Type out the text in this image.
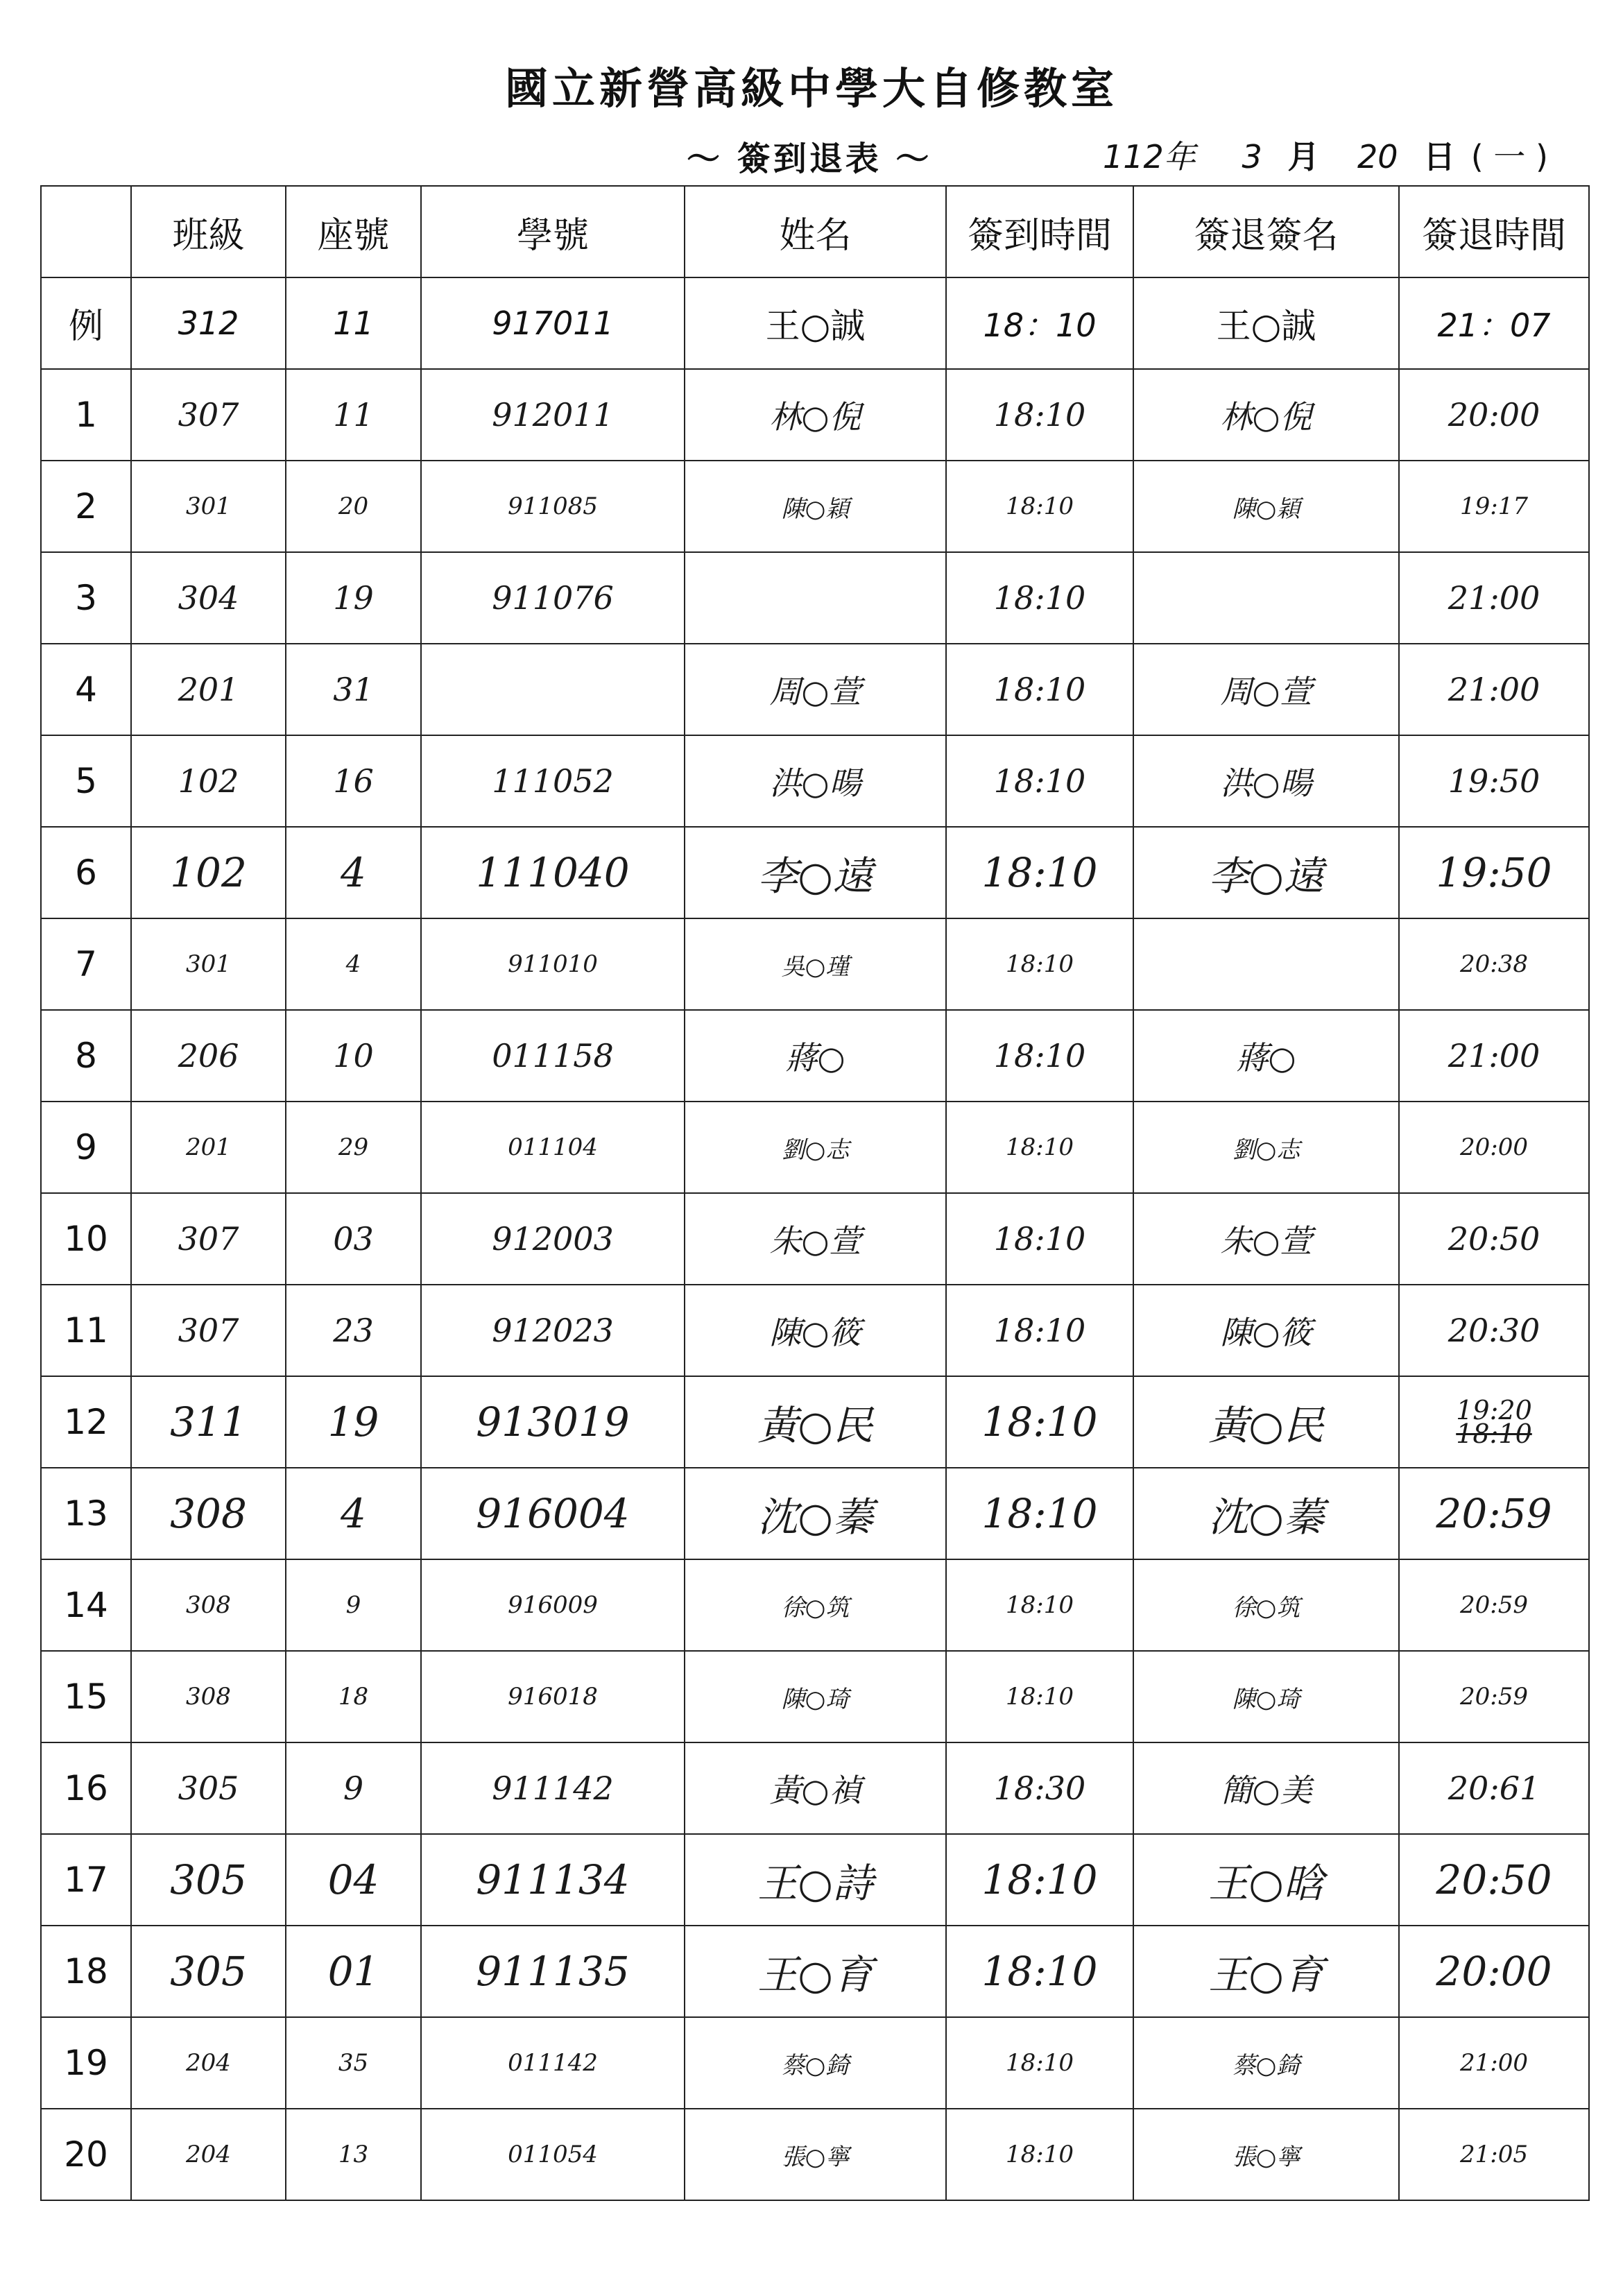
國立新營高級中學大自修教室
～ 簽到退表 ～	112年 3 月 20 日 ( 一 )
	班級	座號	學號	姓名	簽到時間	簽退簽名	簽退時間
例	312	11	917011	王○誠	18：10	王○誠	21：07
1	307	11	912011	林○倪	18:10	林○倪	20:00
2	301	20	911085	陳○穎	18:10	陳○穎	19:17
3	304	19	911076		18:10		21:00
4	201	31		周○萱	18:10	周○萱	21:00
5	102	16	111052	洪○暘	18:10	洪○暘	19:50
6	102	4	111040	李○遠	18:10	李○遠	19:50
7	301	4	911010	吳○瑾	18:10		20:38
8	206	10	011158	蔣○	18:10	蔣○	21:00
9	201	29	011104	劉○志	18:10	劉○志	20:00
10	307	03	912003	朱○萱	18:10	朱○萱	20:50
11	307	23	912023	陳○筱	18:10	陳○筱	20:30
12	311	19	913019	黃○民	18:10	黃○民	19:20
18:10
13	308	4	916004	沈○蓁	18:10	沈○蓁	20:59
14	308	9	916009	徐○筑	18:10	徐○筑	20:59
15	308	18	916018	陳○琦	18:10	陳○琦	20:59
16	305	9	911142	黃○禎	18:30	簡○美	20:61
17	305	04	911134	王○詩	18:10	王○晗	20:50
18	305	01	911135	王○育	18:10	王○育	20:00
19	204	35	011142	蔡○錡	18:10	蔡○錡	21:00
20	204	13	011054	張○寧	18:10	張○寧	21:05
